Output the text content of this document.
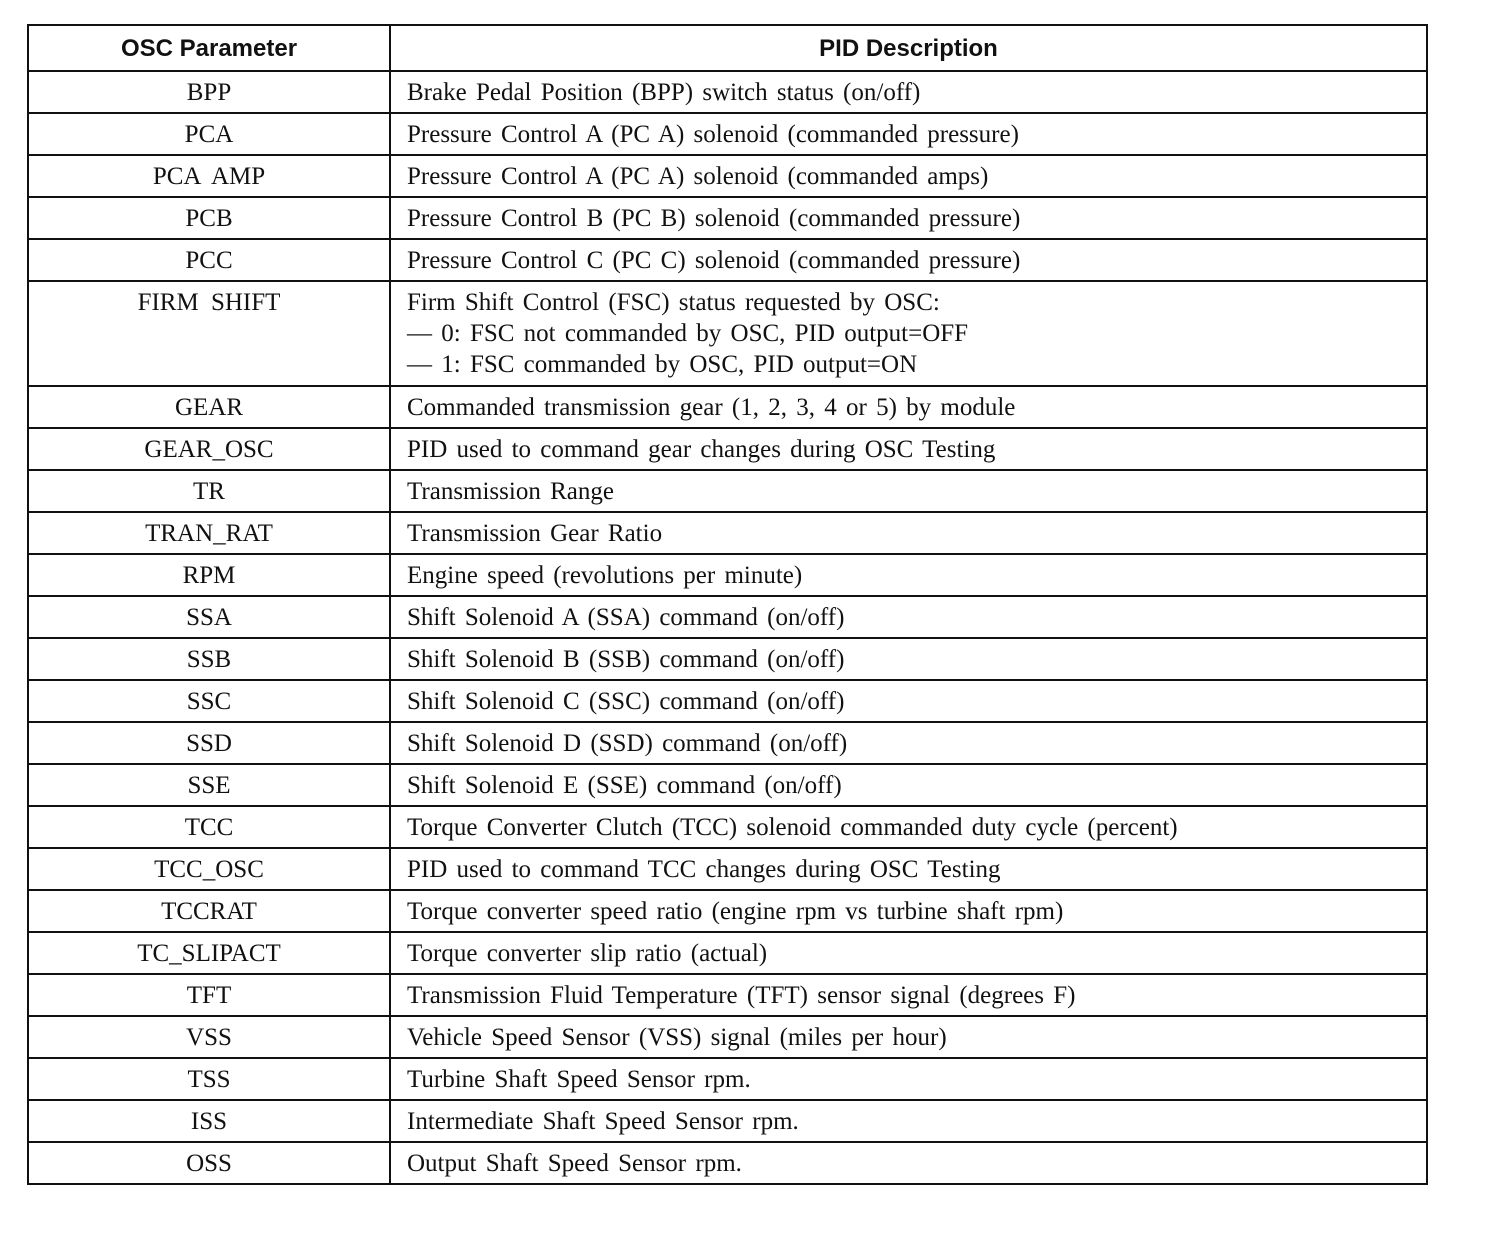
OSC Parameter	PID Description
BPP	Brake Pedal Position (BPP) switch status (on/off)
PCA	Pressure Control A (PC A) solenoid (commanded pressure)
PCA AMP	Pressure Control A (PC A) solenoid (commanded amps)
PCB	Pressure Control B (PC B) solenoid (commanded pressure)
PCC	Pressure Control C (PC C) solenoid (commanded pressure)
FIRM SHIFT	Firm Shift Control (FSC) status requested by OSC:
— 0: FSC not commanded by OSC, PID output=OFF
— 1: FSC commanded by OSC, PID output=ON
GEAR	Commanded transmission gear (1, 2, 3, 4 or 5) by module
GEAR_OSC	PID used to command gear changes during OSC Testing
TR	Transmission Range
TRAN_RAT	Transmission Gear Ratio
RPM	Engine speed (revolutions per minute)
SSA	Shift Solenoid A (SSA) command (on/off)
SSB	Shift Solenoid B (SSB) command (on/off)
SSC	Shift Solenoid C (SSC) command (on/off)
SSD	Shift Solenoid D (SSD) command (on/off)
SSE	Shift Solenoid E (SSE) command (on/off)
TCC	Torque Converter Clutch (TCC) solenoid commanded duty cycle (percent)
TCC_OSC	PID used to command TCC changes during OSC Testing
TCCRAT	Torque converter speed ratio (engine rpm vs turbine shaft rpm)
TC_SLIPACT	Torque converter slip ratio (actual)
TFT	Transmission Fluid Temperature (TFT) sensor signal (degrees F)
VSS	Vehicle Speed Sensor (VSS) signal (miles per hour)
TSS	Turbine Shaft Speed Sensor rpm.
ISS	Intermediate Shaft Speed Sensor rpm.
OSS	Output Shaft Speed Sensor rpm.
